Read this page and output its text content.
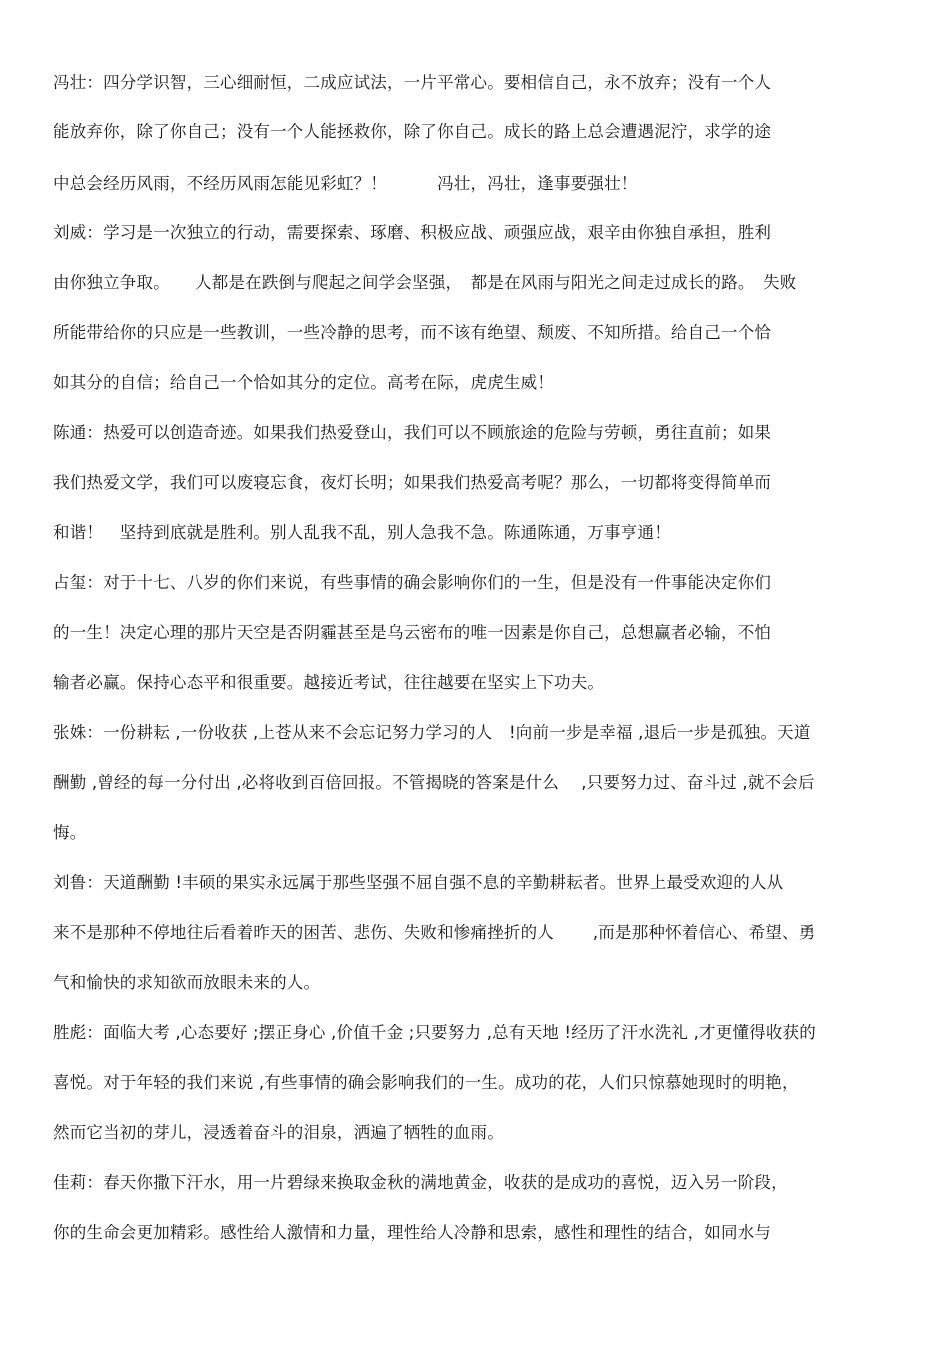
冯壮：四分学识智，三心细耐恒，二成应试法，一片平常心。要相信自己，永不放弃；没有一个人
能放弃你，除了你自己；没有一个人能拯救你，除了你自己。成长的路上总会遭遇泥泞，求学的途
中总会经历风雨，不经历风雨怎能见彩虹？！　　　冯壮，冯壮，逢事要强壮！
刘威：学习是一次独立的行动，需要探索、琢磨、积极应战、顽强应战，艰辛由你独自承担，胜利
由你独立争取。　　人都是在跌倒与爬起之间学会坚强，　都是在风雨与阳光之间走过成长的路。　失败
所能带给你的只应是一些教训，一些冷静的思考，而不该有绝望、颓废、不知所措。给自己一个恰
如其分的自信；给自己一个恰如其分的定位。高考在际，虎虎生威！
陈通：热爱可以创造奇迹。如果我们热爱登山，我们可以不顾旅途的危险与劳顿，勇往直前；如果
我们热爱文学，我们可以废寝忘食，夜灯长明；如果我们热爱高考呢？那么，一切都将变得简单而
和谐！　坚持到底就是胜利。别人乱我不乱，别人急我不急。陈通陈通，万事亨通！
占玺：对于十七、八岁的你们来说，有些事情的确会影响你们的一生，但是没有一件事能决定你们
的一生！决定心理的那片天空是否阴霾甚至是乌云密布的唯一因素是你自己，总想赢者必输，不怕
输者必赢。保持心态平和很重要。越接近考试，往往越要在坚实上下功夫。
张姝：一份耕耘 ,一份收获 ,上苍从来不会忘记努力学习的人　!向前一步是幸福 ,退后一步是孤独。天道
酬勤 ,曾经的每一分付出 ,必将收到百倍回报。不管揭晓的答案是什么　 ,只要努力过、奋斗过 ,就不会后
悔。
刘鲁：天道酬勤 !丰硕的果实永远属于那些坚强不屈自强不息的辛勤耕耘者。世界上最受欢迎的人从
来不是那种不停地往后看着昨天的困苦、悲伤、失败和惨痛挫折的人　　 ,而是那种怀着信心、希望、勇
气和愉快的求知欲而放眼未来的人。
胜彪：面临大考 ,心态要好 ;摆正身心 ,价值千金 ;只要努力 ,总有天地 !经历了汗水洗礼 ,才更懂得收获的
喜悦。对于年轻的我们来说 ,有些事情的确会影响我们的一生。成功的花，人们只惊慕她现时的明艳，
然而它当初的芽儿，浸透着奋斗的泪泉，洒遍了牺牲的血雨。
佳莉：春天你撒下汗水，用一片碧绿来换取金秋的满地黄金，收获的是成功的喜悦，迈入另一阶段，
你的生命会更加精彩。感性给人激情和力量，理性给人冷静和思索，感性和理性的结合，如同水与
